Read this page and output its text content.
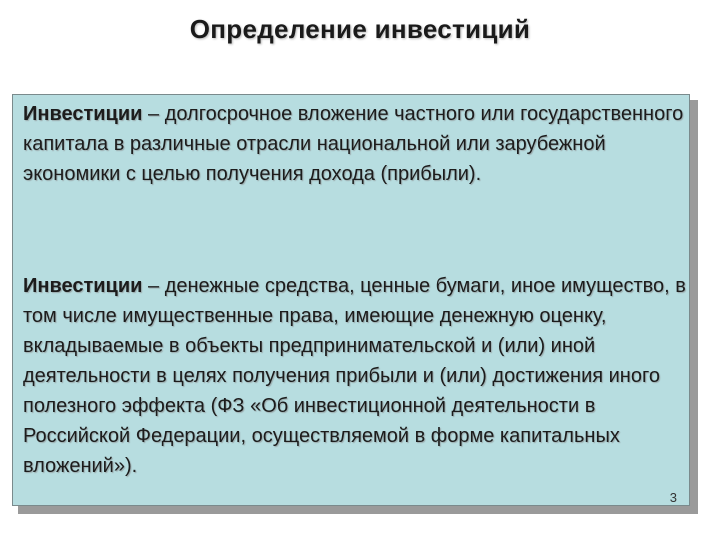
Определение инвестиций
Инвестиции – долгосрочное вложение частного или государственного капитала в различные отрасли национальной или зарубежной экономики с целью получения дохода (прибыли).
Инвестиции – денежные средства, ценные бумаги, иное имущество, в том числе имущественные права, имеющие денежную оценку, вкладываемые в объекты предпринимательской и (или) иной деятельности в целях получения прибыли и (или) достижения иного полезного эффекта (ФЗ «Об инвестиционной деятельности в Российской Федерации, осуществляемой в форме капитальных вложений»).
3
